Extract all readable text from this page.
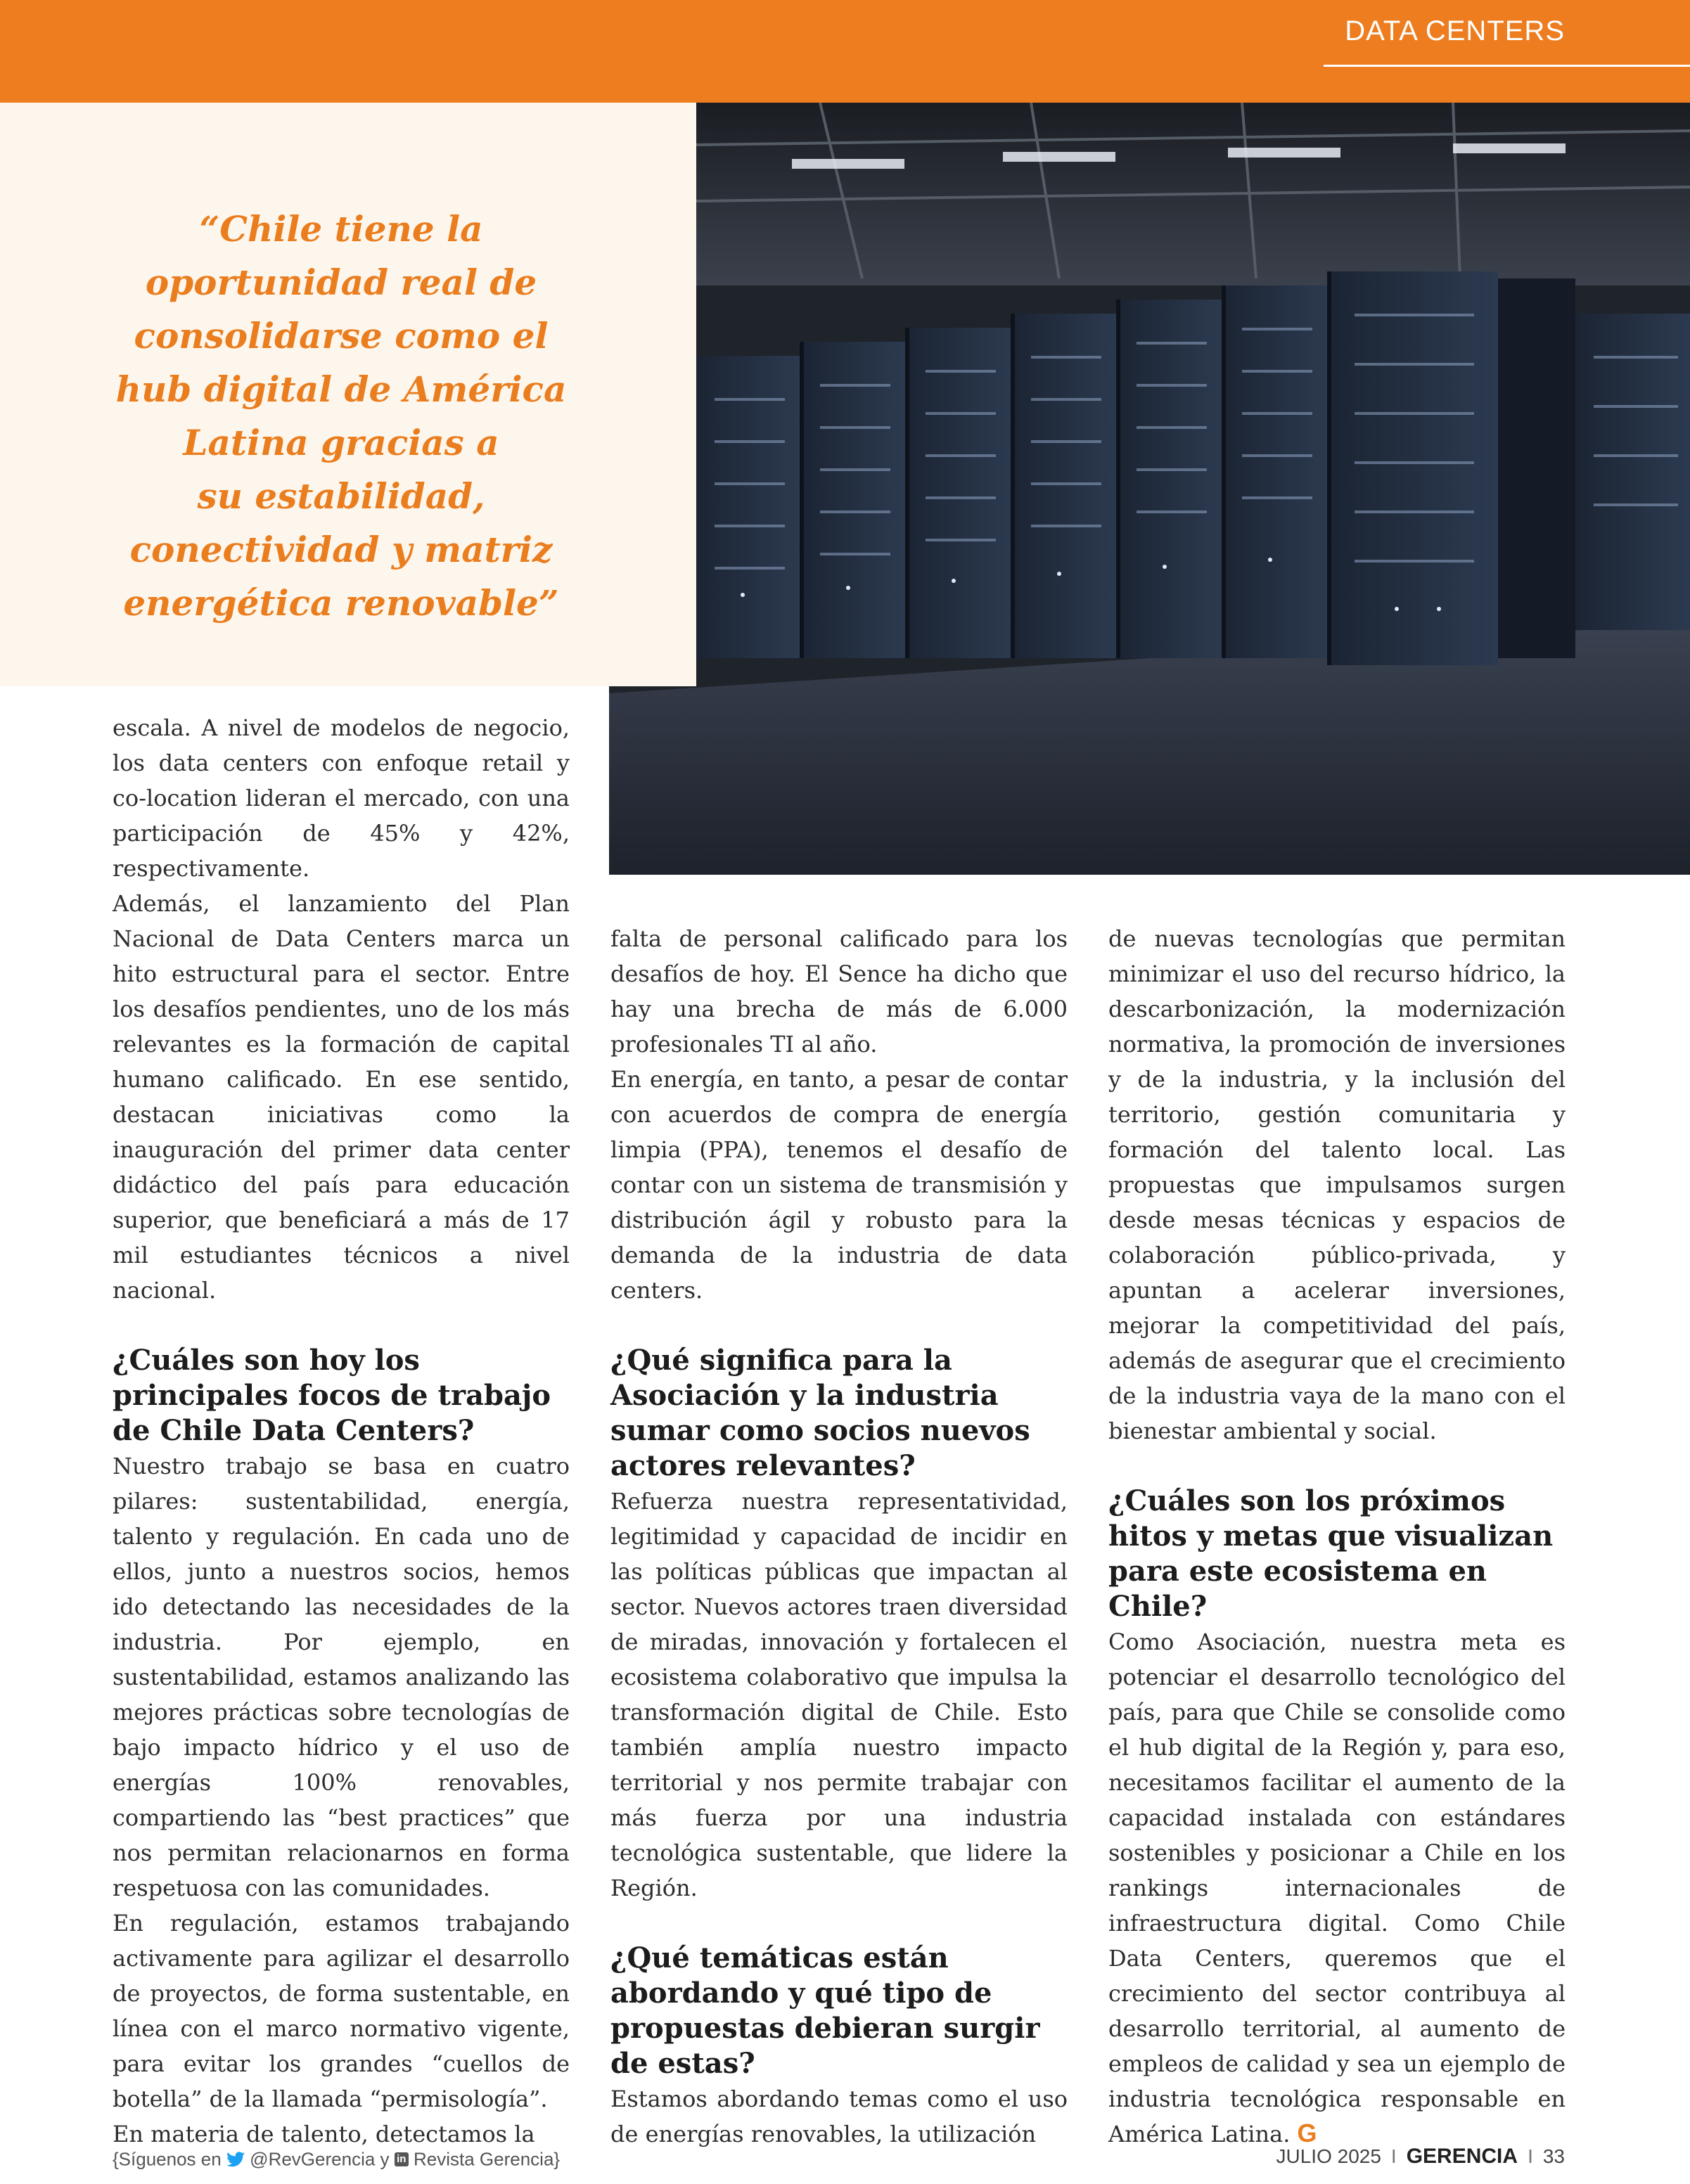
DATA CENTERS

“Chile tiene la
oportunidad real de
consolidarse como el
hub digital de América
Latina gracias a
su estabilidad,
conectividad y matriz
energética renovable”

escala. A nivel de modelos de negocio, los data centers con enfoque retail y co-location lideran el mercado, con una participación de 45% y 42%, respectivamente.

Además, el lanzamiento del Plan Nacional de Data Centers marca un hito estructural para el sector. Entre los desafíos pendientes, uno de los más relevantes es la formación de capital humano calificado. En ese sentido, destacan iniciativas como la inauguración del primer data center didáctico del país para educación superior, que beneficiará a más de 17 mil estudiantes técnicos a nivel nacional.

¿Cuáles son hoy los principales focos de trabajo de Chile Data Centers?

Nuestro trabajo se basa en cuatro pilares: sustentabilidad, energía, talento y regulación. En cada uno de ellos, junto a nuestros socios, hemos ido detectando las necesidades de la industria. Por ejemplo, en sustentabilidad, estamos analizando las mejores prácticas sobre tecnologías de bajo impacto hídrico y el uso de energías 100% renovables, compartiendo las “best practices” que nos permitan relacionarnos en forma respetuosa con las comunidades.

En regulación, estamos trabajando activamente para agilizar el desarrollo de proyectos, de forma sustentable, en línea con el marco normativo vigente, para evitar los grandes “cuellos de botella” de la llamada “permisología”.

En materia de talento, detectamos la

falta de personal calificado para los desafíos de hoy. El Sence ha dicho que hay una brecha de más de 6.000 profesionales TI al año.

En energía, en tanto, a pesar de contar con acuerdos de compra de energía limpia (PPA), tenemos el desafío de contar con un sistema de transmisión y distribución ágil y robusto para la demanda de la industria de data centers.

¿Qué significa para la Asociación y la industria sumar como socios nuevos actores relevantes?

Refuerza nuestra representatividad, legitimidad y capacidad de incidir en las políticas públicas que impactan al sector. Nuevos actores traen diversidad de miradas, innovación y fortalecen el ecosistema colaborativo que impulsa la transformación digital de Chile. Esto también amplía nuestro impacto territorial y nos permite trabajar con más fuerza por una industria tecnológica sustentable, que lidere la Región.

¿Qué temáticas están abordando y qué tipo de propuestas debieran surgir de estas?

Estamos abordando temas como el uso de energías renovables, la utilización

de nuevas tecnologías que permitan minimizar el uso del recurso hídrico, la descarbonización, la modernización normativa, la promoción de inversiones y de la industria, y la inclusión del territorio, gestión comunitaria y formación del talento local. Las propuestas que impulsamos surgen desde mesas técnicas y espacios de colaboración público-privada, y apuntan a acelerar inversiones, mejorar la competitividad del país, además de asegurar que el crecimiento de la industria vaya de la mano con el bienestar ambiental y social.

¿Cuáles son los próximos hitos y metas que visualizan para este ecosistema en Chile?

Como Asociación, nuestra meta es potenciar el desarrollo tecnológico del país, para que Chile se consolide como el hub digital de la Región y, para eso, necesitamos facilitar el aumento de la capacidad instalada con estándares sostenibles y posicionar a Chile en los rankings internacionales de infraestructura digital. Como Chile Data Centers, queremos que el crecimiento del sector contribuya al desarrollo territorial, al aumento de empleos de calidad y sea un ejemplo de industria tecnológica responsable en América Latina. G

{Síguenos en @RevGerencia y in Revista Gerencia}	JULIO 2025 I GERENCIA I 33
